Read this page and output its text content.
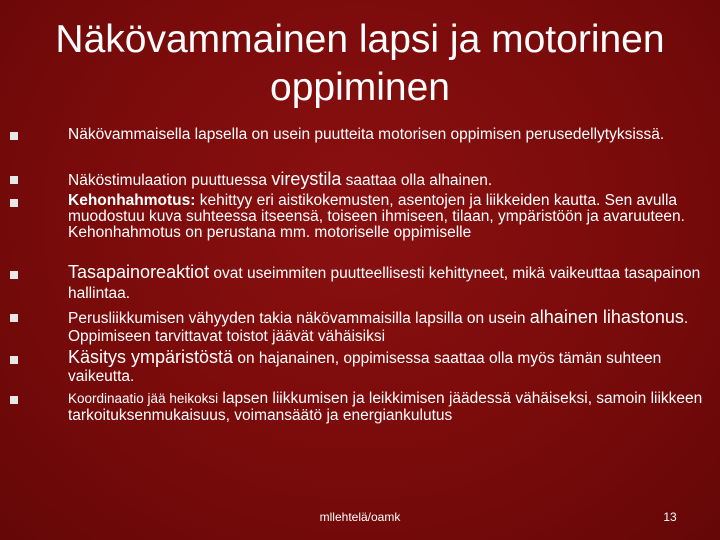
Näkövammainen lapsi ja motorinen
oppiminen
Näkövammaisella lapsella on usein puutteita motorisen oppimisen perusedellytyksissä.
Näköstimulaation puuttuessa vireystila saattaa olla alhainen.
Kehonhahmotus: kehittyy eri aistikokemusten, asentojen ja liikkeiden kautta. Sen avulla muodostuu kuva suhteessa itseensä, toiseen ihmiseen, tilaan, ympäristöön ja avaruuteen. Kehonhahmotus on perustana mm. motoriselle oppimiselle
Tasapainoreaktiot ovat useimmiten puutteellisesti kehittyneet, mikä vaikeuttaa tasapainon hallintaa.
Perusliikkumisen vähyyden takia näkövammaisilla lapsilla on usein alhainen lihastonus. Oppimiseen tarvittavat toistot jäävät vähäisiksi
Käsitys ympäristöstä on hajanainen, oppimisessa saattaa olla myös tämän suhteen vaikeutta.
Koordinaatio jää heikoksi lapsen liikkumisen ja leikkimisen jäädessä vähäiseksi, samoin liikkeen tarkoituksenmukaisuus, voimansäätö ja energiankulutus
mllehtelä/oamk	13
